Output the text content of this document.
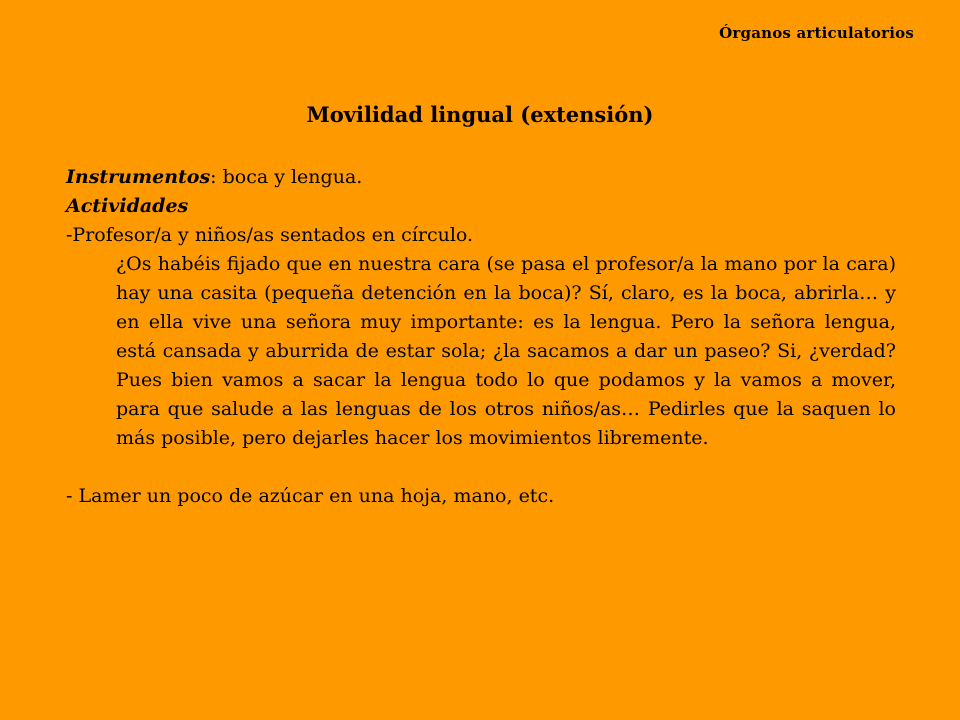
Órganos articulatorios
Movilidad lingual (extensión)

Instrumentos: boca y lengua.

Actividades

-Profesor/a y niños/as sentados en círculo.

¿Os habéis fijado que en nuestra cara (se pasa el profesor/a la mano por la cara) hay una casita (pequeña detención en la boca)? Sí, claro, es la boca, abrirla… y en ella vive una señora muy importante: es la lengua. Pero la señora lengua, está cansada y aburrida de estar sola; ¿la sacamos a dar un paseo? Si, ¿verdad? Pues bien vamos a sacar la lengua todo lo que podamos y la vamos a mover, para que salude a las lenguas de los otros niños/as… Pedirles que la saquen lo más posible, pero dejarles hacer los movimientos libremente.

- Lamer un poco de azúcar en una hoja, mano, etc.
